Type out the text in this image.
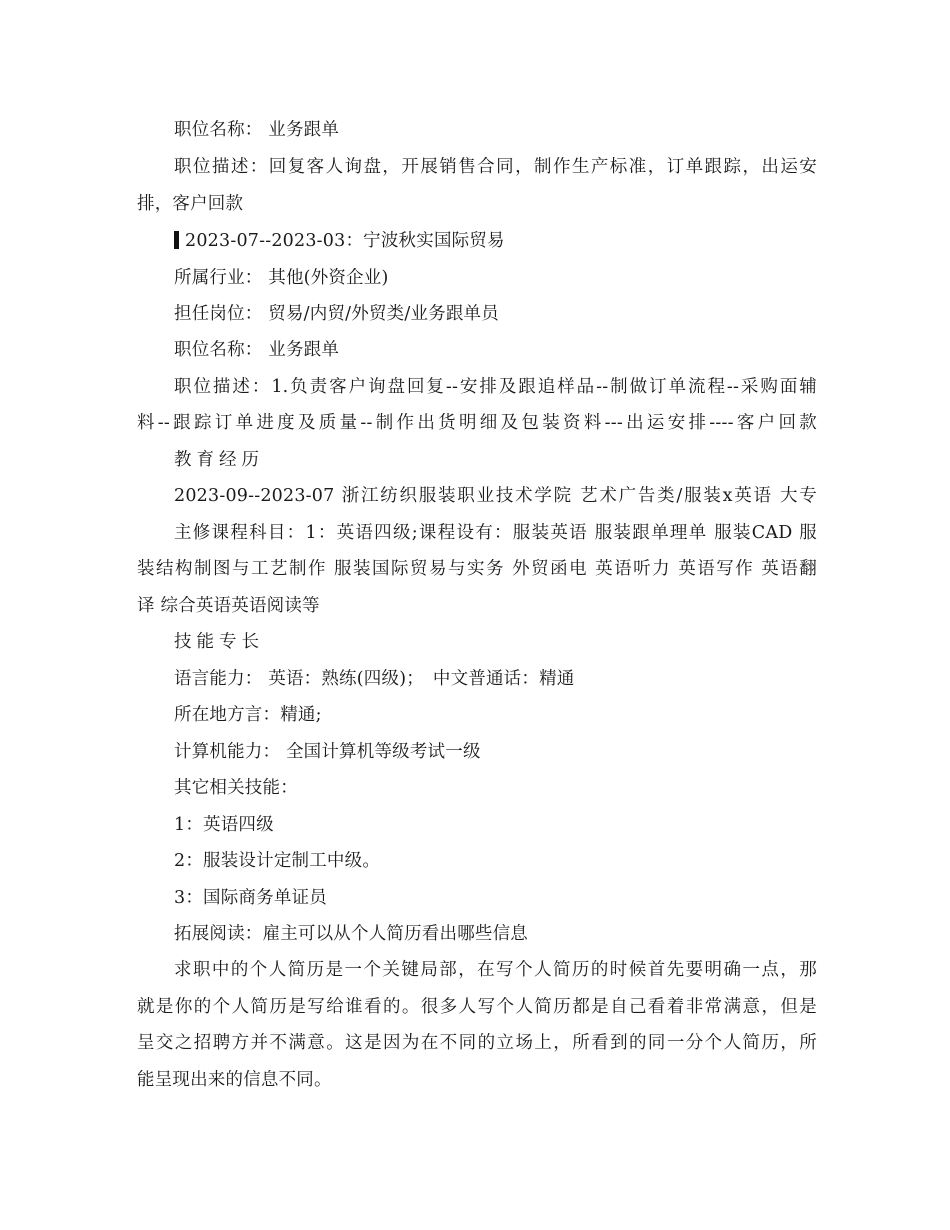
职位名称： 业务跟单
职位描述：回复客人询盘，开展销售合同，制作生产标准，订单跟踪，出运安
排，客户回款
2023-07--2023-03：宁波秋实国际贸易
所属行业： 其他(外资企业)
担任岗位： 贸易/内贸/外贸类/业务跟单员
职位名称： 业务跟单
职位描述：1.负责客户询盘回复--安排及跟追样品--制做订单流程--采购面辅
料--跟踪订单进度及质量--制作出货明细及包装资料---出运安排----客户回款
教育经历
2023-09--2023-07 浙江纺织服装职业技术学院 艺术广告类/服装x英语 大专
主修课程科目：1：英语四级;课程设有：服装英语 服装跟单理单 服装CAD 服
装结构制图与工艺制作 服装国际贸易与实务 外贸函电 英语听力 英语写作 英语翻
译 综合英语英语阅读等
技能专长
语言能力： 英语：熟练(四级)；　中文普通话：精通
所在地方言：精通;
计算机能力： 全国计算机等级考试一级
其它相关技能：
1：英语四级
2：服装设计定制工中级。
3：国际商务单证员
拓展阅读：雇主可以从个人简历看出哪些信息
求职中的个人简历是一个关键局部，在写个人简历的时候首先要明确一点，那
就是你的个人简历是写给谁看的。很多人写个人简历都是自己看着非常满意，但是
呈交之招聘方并不满意。这是因为在不同的立场上，所看到的同一分个人简历，所
能呈现出来的信息不同。
